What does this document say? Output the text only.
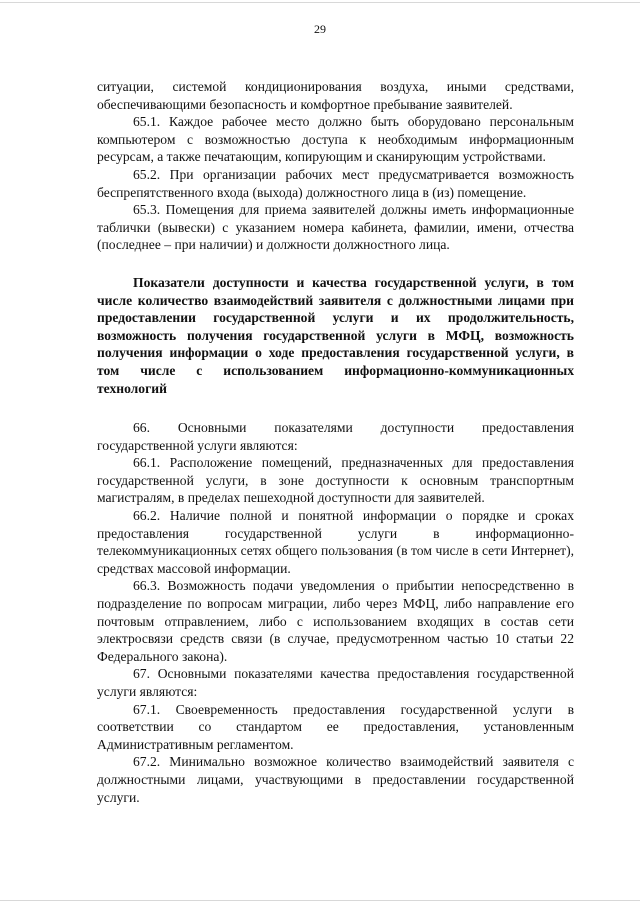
29

ситуации, системой кондиционирования воздуха, иными средствами, обеспечивающими безопасность и комфортное пребывание заявителей.

65.1. Каждое рабочее место должно быть оборудовано персональным компьютером с возможностью доступа к необходимым информационным ресурсам, а также печатающим, копирующим и сканирующим устройствами.

65.2. При организации рабочих мест предусматривается возможность беспрепятственного входа (выхода) должностного лица в (из) помещение.

65.3. Помещения для приема заявителей должны иметь информационные таблички (вывески) с указанием номера кабинета, фамилии, имени, отчества (последнее – при наличии) и должности должностного лица.

Показатели доступности и качества государственной услуги, в том числе количество взаимодействий заявителя с должностными лицами при предоставлении государственной услуги и их продолжительность, возможность получения государственной услуги в МФЦ, возможность получения информации о ходе предоставления государственной услуги, в том числе с использованием информационно-коммуникационных технологий

66. Основными показателями доступности предоставления государственной услуги являются:

66.1. Расположение помещений, предназначенных для предоставления государственной услуги, в зоне доступности к основным транспортным магистралям, в пределах пешеходной доступности для заявителей.

66.2. Наличие полной и понятной информации о порядке и сроках предоставления государственной услуги в информационно-телекоммуникационных сетях общего пользования (в том числе в сети Интернет), средствах массовой информации.

66.3. Возможность подачи уведомления о прибытии непосредственно в подразделение по вопросам миграции, либо через МФЦ, либо направление его почтовым отправлением, либо с использованием входящих в состав сети электросвязи средств связи (в случае, предусмотренном частью 10 статьи 22 Федерального закона).

67. Основными показателями качества предоставления государственной услуги являются:

67.1. Своевременность предоставления государственной услуги в соответствии со стандартом ее предоставления, установленным Административным регламентом.

67.2. Минимально возможное количество взаимодействий заявителя с должностными лицами, участвующими в предоставлении государственной услуги.
